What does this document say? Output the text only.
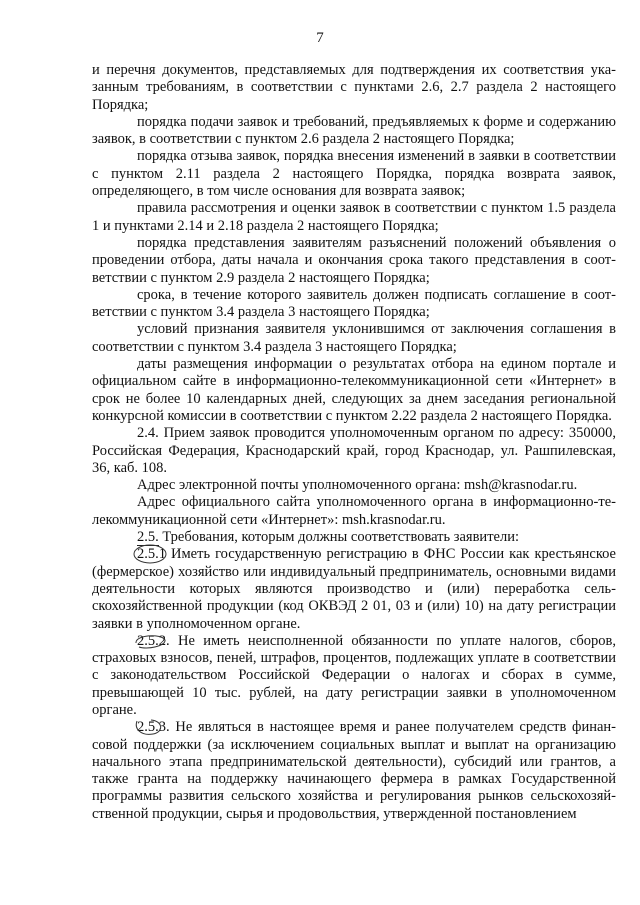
7

и перечня документов, представляемых для подтверждения их соответствия указанным требованиям, в соответствии с пунктами 2.6, 2.7 раздела 2 настоящего Порядка;

порядка подачи заявок и требований, предъявляемых к форме и содержанию заявок, в соответствии с пунктом 2.6 раздела 2 настоящего Порядка;

порядка отзыва заявок, порядка внесения изменений в заявки в соответствии с пунктом 2.11 раздела 2 настоящего Порядка, порядка возврата заявок, определяющего, в том числе основания для возврата заявок;

правила рассмотрения и оценки заявок в соответствии с пунктом 1.5 раздела 1 и пунктами 2.14 и 2.18 раздела 2 настоящего Порядка;

порядка представления заявителям разъяснений положений объявления о проведении отбора, даты начала и окончания срока такого представления в соответствии с пунктом 2.9 раздела 2 настоящего Порядка;

срока, в течение которого заявитель должен подписать соглашение в соответствии с пунктом 3.4 раздела 3 настоящего Порядка;

условий признания заявителя уклонившимся от заключения соглашения в соответствии с пунктом 3.4 раздела 3 настоящего Порядка;

даты размещения информации о результатах отбора на едином портале и официальном сайте в информационно-телекоммуникационной сети «Интернет» в срок не более 10 календарных дней, следующих за днем заседания региональной конкурсной комиссии в соответствии с пунктом 2.22 раздела 2 настоящего Порядка.

2.4. Прием заявок проводится уполномоченным органом по адресу: 350000, Российская Федерация, Краснодарский край, город Краснодар, ул. Рашпилевская, 36, каб. 108.

Адрес электронной почты уполномоченного органа: msh@krasnodar.ru.

Адрес официального сайта уполномоченного органа в информационно-телекоммуникационной сети «Интернет»: msh.krasnodar.ru.

2.5. Требования, которым должны соответствовать заявители:

2.5.1 Иметь государственную регистрацию в ФНС России как крестьянское (фермерское) хозяйство или индивидуальный предприниматель, основными видами деятельности которых являются производство и (или) переработка сельскохозяйственной продукции (код ОКВЭД 2 01, 03 и (или) 10) на дату регистрации заявки в уполномоченном органе.

2.5.2. Не иметь неисполненной обязанности по уплате налогов, сборов, страховых взносов, пеней, штрафов, процентов, подлежащих уплате в соответствии с законодательством Российской Федерации о налогах и сборах в сумме, превышающей 10 тыс. рублей, на дату регистрации заявки в уполномоченном органе.

2.5.3. Не являться в настоящее время и ранее получателем средств финансовой поддержки (за исключением социальных выплат и выплат на организацию начального этапа предпринимательской деятельности), субсидий или грантов, а также гранта на поддержку начинающего фермера в рамках Государственной программы развития сельского хозяйства и регулирования рынков сельскохозяйственной продукции, сырья и продовольствия, утвержденной постановлением
